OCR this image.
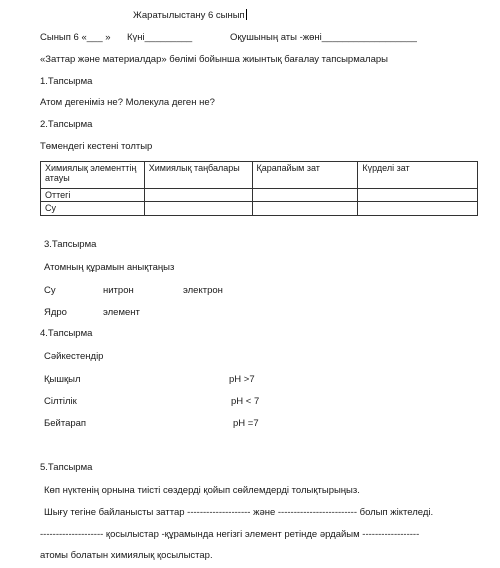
Жаратылыстану 6 сынып
Сынып 6 «___ » Күні_________	Оқушының аты -жөні__________________
«Заттар және материалдар» бөлімі бойынша жиынтық бағалау тапсырмалары
1.Тапсырма
Атом дегеніміз не? Молекула деген не?
2.Тапсырма
Төмендегі кестені толтыр
Химиялық элементтің атауы	Химиялық таңбалары	Қарапайым зат	Күрделі зат
Оттегі			
Су			
3.Тапсырма
Атомның құрамын анықтаңыз
Су	нитрон	электрон
Ядро	элемент
4.Тапсырма
Сәйкестендір
Қышқыл	pH >7
Сілтілік	pH < 7
Бейтарап	pH =7
5.Тапсырма
Көп нүктенің орнына тиісті сөздерді қойып сөйлемдерді толықтырыңыз.
Шығу тегіне байланысты заттар -------------------- және ------------------------- болып жіктеледі.
-------------------- қосылыстар -құрамында негізгі элемент ретінде әрдайым ------------------
атомы болатын химиялық қосылыстар.
